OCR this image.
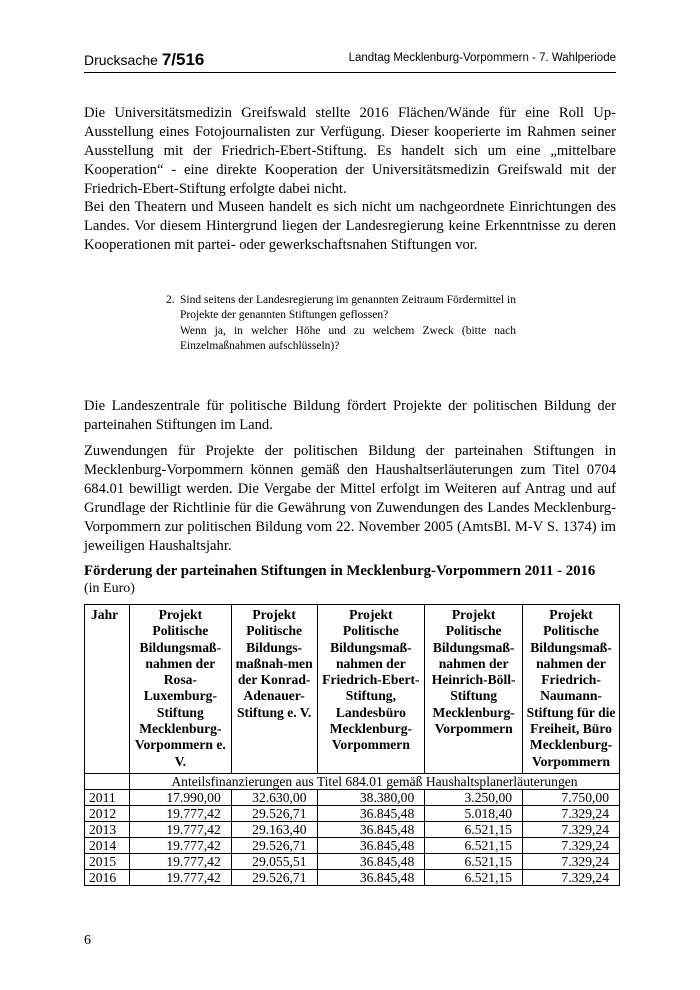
Drucksache 7/516	Landtag Mecklenburg-Vorpommern - 7. Wahlperiode

Die Universitätsmedizin Greifswald stellte 2016 Flächen/Wände für eine Roll Up-Ausstellung eines Fotojournalisten zur Verfügung. Dieser kooperierte im Rahmen seiner Ausstellung mit der Friedrich-Ebert-Stiftung. Es handelt sich um eine „mittelbare Kooperation“ - eine direkte Kooperation der Universitätsmedizin Greifswald mit der Friedrich-Ebert-Stiftung erfolgte dabei nicht.

Bei den Theatern und Museen handelt es sich nicht um nachgeordnete Einrichtungen des Landes. Vor diesem Hintergrund liegen der Landesregierung keine Erkenntnisse zu deren Kooperationen mit partei- oder gewerkschaftsnahen Stiftungen vor.

2. Sind seitens der Landesregierung im genannten Zeitraum Fördermittel in Projekte der genannten Stiftungen geflossen?
Wenn ja, in welcher Höhe und zu welchem Zweck (bitte nach Einzelmaßnahmen aufschlüsseln)?

Die Landeszentrale für politische Bildung fördert Projekte der politischen Bildung der parteinahen Stiftungen im Land.

Zuwendungen für Projekte der politischen Bildung der parteinahen Stiftungen in Mecklenburg-Vorpommern können gemäß den Haushaltserläuterungen zum Titel 0704 684.01 bewilligt werden. Die Vergabe der Mittel erfolgt im Weiteren auf Antrag und auf Grundlage der Richtlinie für die Gewährung von Zuwendungen des Landes Mecklenburg-Vorpommern zur politischen Bildung vom 22. November 2005 (AmtsBl. M-V S. 1374) im jeweiligen Haushaltsjahr.

Förderung der parteinahen Stiftungen in Mecklenburg-Vorpommern 2011 - 2016
(in Euro)
Jahr	Projekt Politische Bildungsmaß-nahmen der Rosa-Luxemburg-Stiftung Mecklenburg-Vorpommern e. V.	Projekt Politische Bildungs-maßnah-men der Konrad-Adenauer-Stiftung e. V.	Projekt Politische Bildungsmaß-nahmen der Friedrich-Ebert-Stiftung, Landesbüro Mecklenburg-Vorpommern	Projekt Politische Bildungsmaß-nahmen der Heinrich-Böll-Stiftung Mecklenburg-Vorpommern	Projekt Politische Bildungsmaß-nahmen der Friedrich-Naumann-Stiftung für die Freiheit, Büro Mecklenburg-Vorpommern
	Anteilsfinanzierungen aus Titel 684.01 gemäß Haushaltsplanerläuterungen				
2011	17.990,00	32.630,00	38.380,00	3.250,00	7.750,00
2012	19.777,42	29.526,71	36.845,48	5.018,40	7.329,24
2013	19.777,42	29.163,40	36.845,48	6.521,15	7.329,24
2014	19.777,42	29.526,71	36.845,48	6.521,15	7.329,24
2015	19.777,42	29.055,51	36.845,48	6.521,15	7.329,24
2016	19.777,42	29.526,71	36.845,48	6.521,15	7.329,24
6
